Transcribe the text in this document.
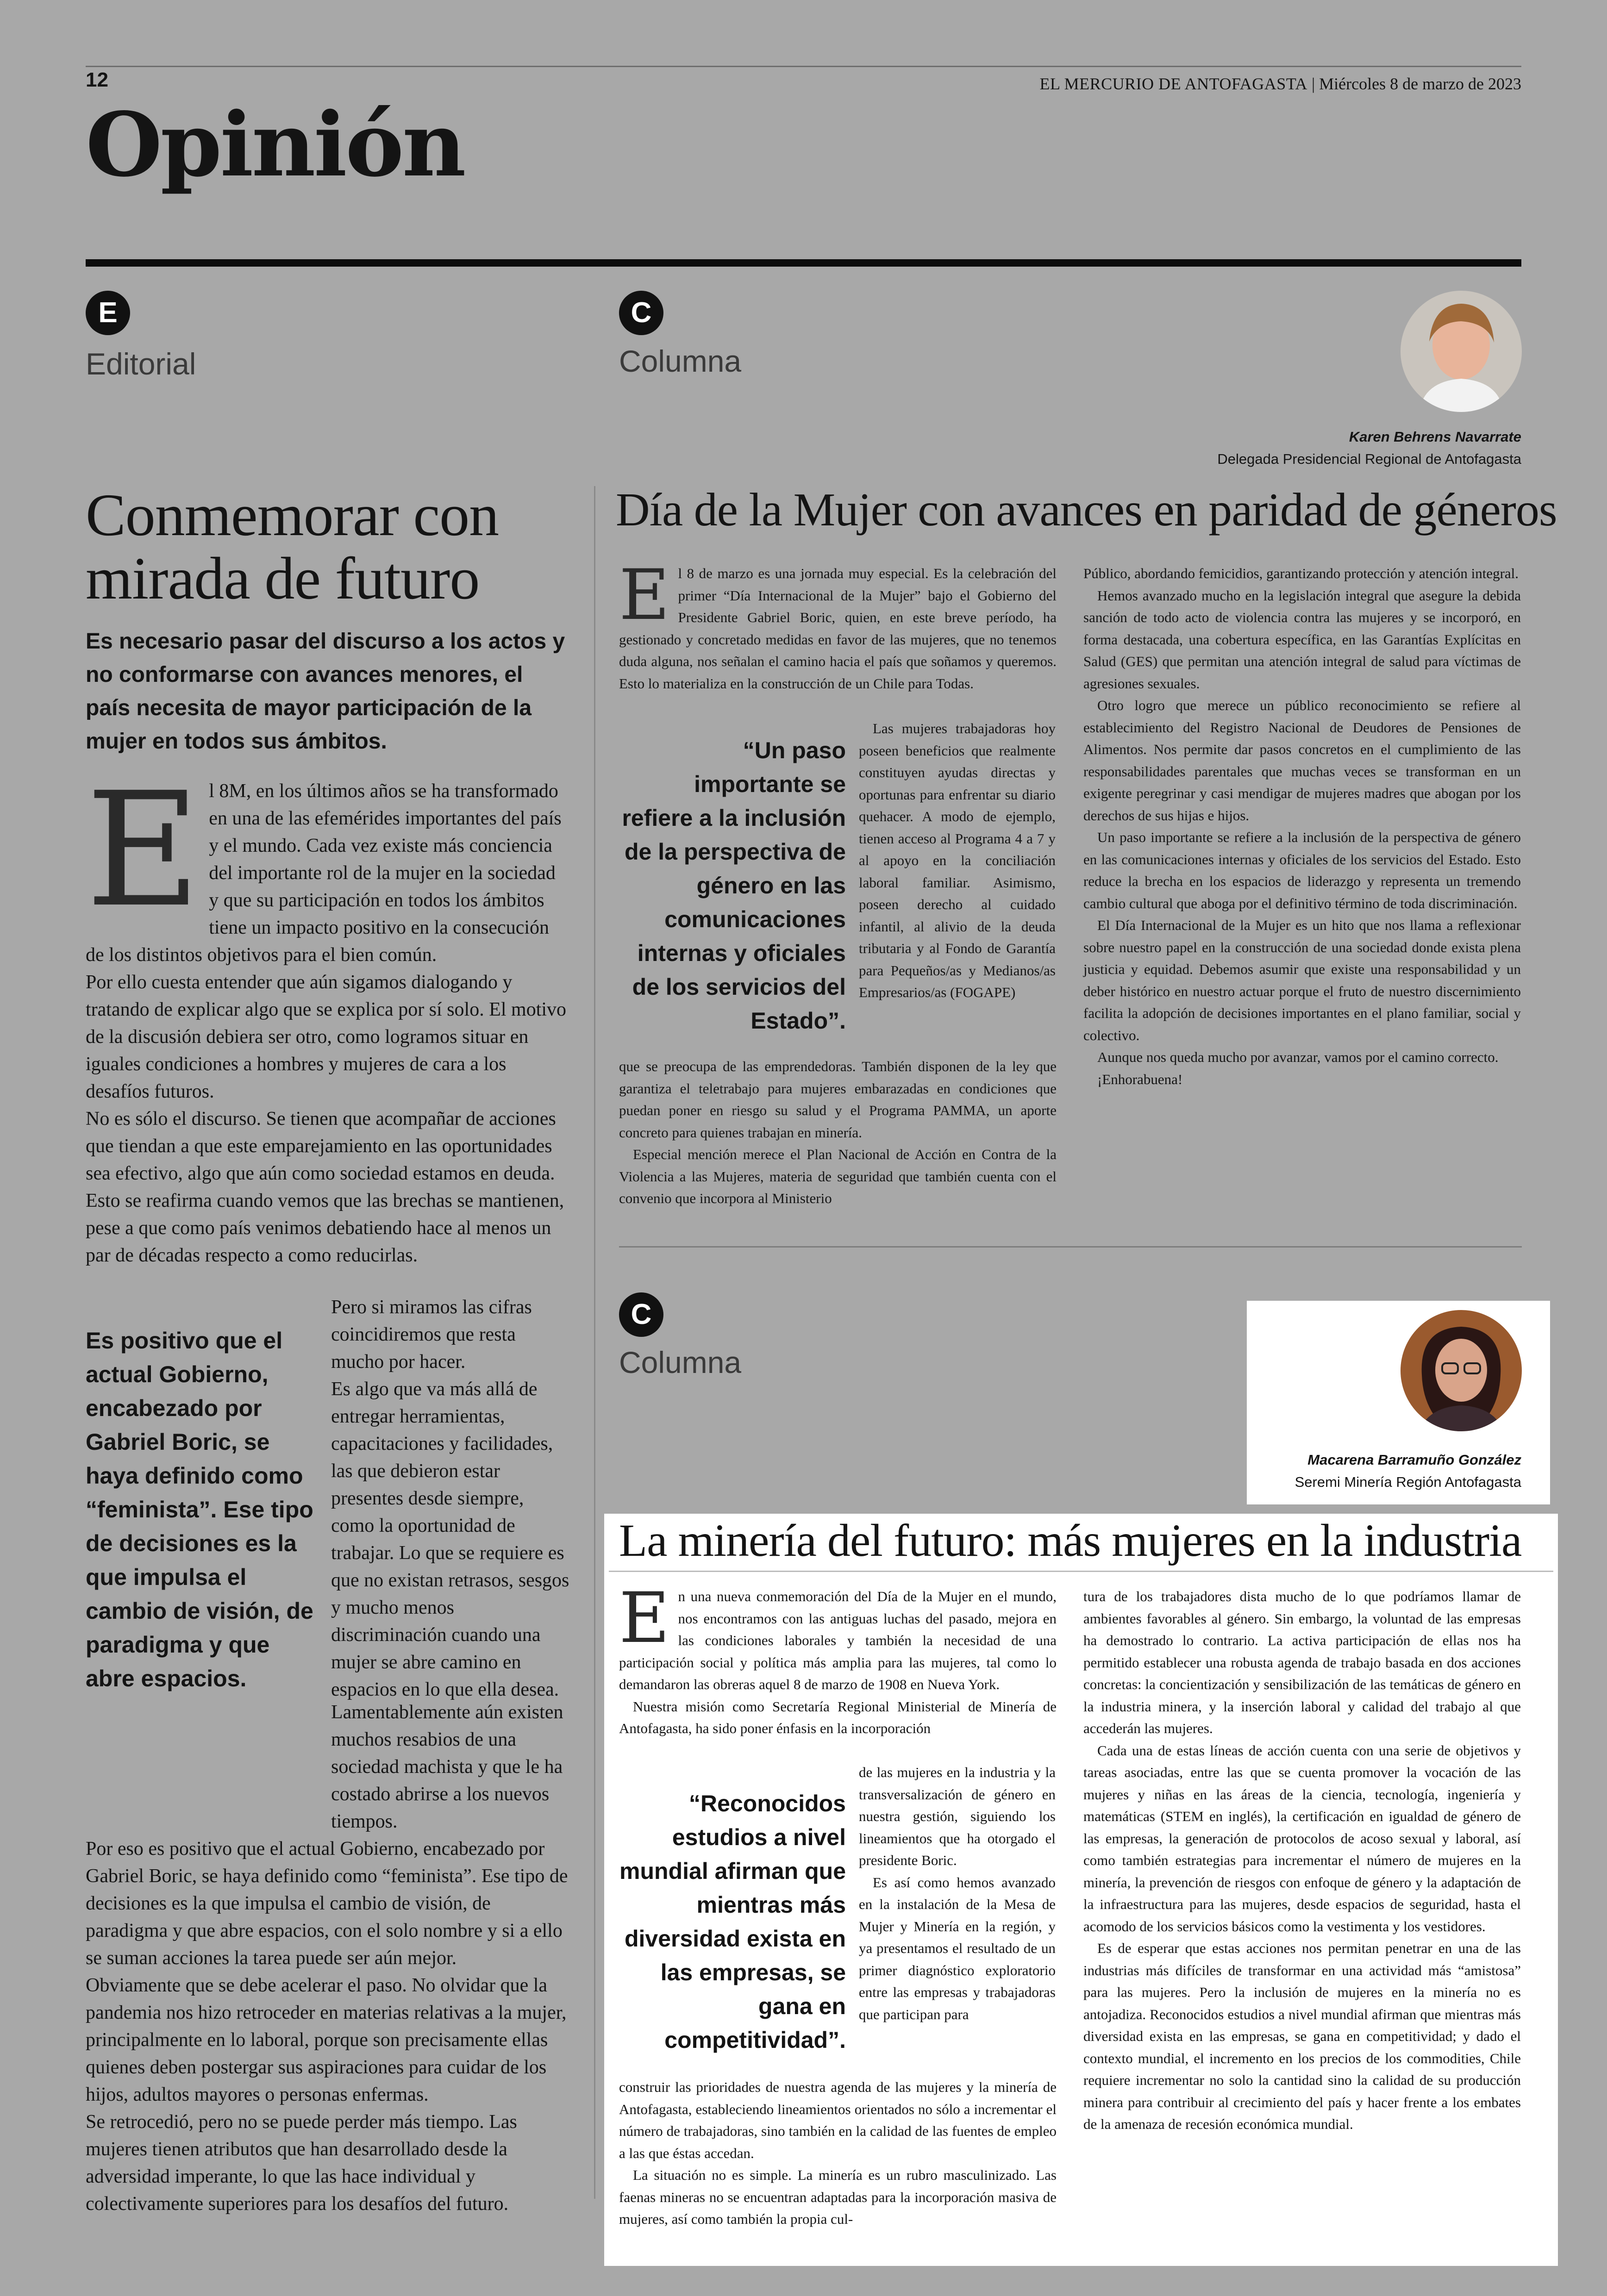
12	EL MERCURIO DE ANTOFAGASTA | Miércoles 8 de marzo de 2023
Opinión
E
Editorial
Conmemorar con
mirada de futuro
Es necesario pasar del discurso a los actos y no conformarse con avances menores, el país necesita de mayor participación de la mujer en todos sus ámbitos.

El 8M, en los últimos años se ha transformado en una de las efemérides importantes del país y el mundo. Cada vez existe más conciencia del importante rol de la mujer en la sociedad y que su participación en todos los ámbitos tiene un impacto positivo en la consecución de los distintos objetivos para el bien común.

Por ello cuesta entender que aún sigamos dialogando y tratando de explicar algo que se explica por sí solo. El motivo de la discusión debiera ser otro, como logramos situar en iguales condiciones a hombres y mujeres de cara a los desafíos futuros.

No es sólo el discurso. Se tienen que acompañar de acciones que tiendan a que este emparejamiento en las oportunidades sea efectivo, algo que aún como sociedad estamos en deuda.

Esto se reafirma cuando vemos que las brechas se mantienen, pese a que como país venimos debatiendo hace al menos un par de décadas respecto a como reducirlas.

Es positivo que el actual Gobierno, encabezado por Gabriel Boric, se haya definido como “feminista”. Ese tipo de decisiones es la que impulsa el cambio de visión, de paradigma y que abre espacios.

Pero si miramos las cifras coincidiremos que resta mucho por hacer.

Es algo que va más allá de entregar herramientas, capacitaciones y facilidades, las que debieron estar presentes desde siempre, como la oportunidad de trabajar. Lo que se requiere es que no existan retrasos, sesgos y mucho menos discriminación cuando una mujer se abre camino en espacios en lo que ella desea.

Lamentablemente aún existen muchos resabios de una sociedad machista y que le ha costado abrirse a los nuevos tiempos.

Por eso es positivo que el actual Gobierno, encabezado por Gabriel Boric, se haya definido como “feminista”. Ese tipo de decisiones es la que impulsa el cambio de visión, de paradigma y que abre espacios, con el solo nombre y si a ello se suman acciones la tarea puede ser aún mejor.

Obviamente que se debe acelerar el paso. No olvidar que la pandemia nos hizo retroceder en materias relativas a la mujer, principalmente en lo laboral, porque son precisamente ellas quienes deben postergar sus aspiraciones para cuidar de los hijos, adultos mayores o personas enfermas.

Se retrocedió, pero no se puede perder más tiempo. Las mujeres tienen atributos que han desarrollado desde la adversidad imperante, lo que las hace individual y colectivamente superiores para los desafíos del futuro.

C
Columna
Karen Behrens Navarrate
Delegada Presidencial Regional de Antofagasta
Día de la Mujer con avances en paridad de géneros

El 8 de marzo es una jornada muy especial. Es la celebración del primer “Día Internacional de la Mujer” bajo el Gobierno del Presidente Gabriel Boric, quien, en este breve período, ha gestionado y concretado medidas en favor de las mujeres, que no tenemos duda alguna, nos señalan el camino hacia el país que soñamos y queremos. Esto lo materializa en la construcción de un Chile para Todas.

“Un paso importante se refiere a la inclusión de la perspectiva de género en las comunicaciones internas y oficiales de los servicios del Estado”.

Las mujeres trabajadoras hoy poseen beneficios que realmente constituyen ayudas directas y oportunas para enfrentar su diario quehacer. A modo de ejemplo, tienen acceso al Programa 4 a 7 y al apoyo en la conciliación laboral familiar. Asimismo, poseen derecho al cuidado infantil, al alivio de la deuda tributaria y al Fondo de Garantía para Pequeños/as y Medianos/as Empresarios/as (FOGAPE)

que se preocupa de las emprendedoras. También disponen de la ley que garantiza el teletrabajo para mujeres embarazadas en condiciones que puedan poner en riesgo su salud y el Programa PAMMA, un aporte concreto para quienes trabajan en minería.

Especial mención merece el Plan Nacional de Acción en Contra de la Violencia a las Mujeres, materia de seguridad que también cuenta con el convenio que incorpora al Ministerio

Público, abordando femicidios, garantizando protección y atención integral.

Hemos avanzado mucho en la legislación integral que asegure la debida sanción de todo acto de violencia contra las mujeres y se incorporó, en forma destacada, una cobertura específica, en las Garantías Explícitas en Salud (GES) que permitan una atención integral de salud para víctimas de agresiones sexuales.

Otro logro que merece un público reconocimiento se refiere al establecimiento del Registro Nacional de Deudores de Pensiones de Alimentos. Nos permite dar pasos concretos en el cumplimiento de las responsabilidades parentales que muchas veces se transforman en un exigente peregrinar y casi mendigar de mujeres madres que abogan por los derechos de sus hijas e hijos.

Un paso importante se refiere a la inclusión de la perspectiva de género en las comunicaciones internas y oficiales de los servicios del Estado. Esto reduce la brecha en los espacios de liderazgo y representa un tremendo cambio cultural que aboga por el definitivo término de toda discriminación.

El Día Internacional de la Mujer es un hito que nos llama a reflexionar sobre nuestro papel en la construcción de una sociedad donde exista plena justicia y equidad. Debemos asumir que existe una responsabilidad y un deber histórico en nuestro actuar porque el fruto de nuestro discernimiento facilita la adopción de decisiones importantes en el plano familiar, social y colectivo.

Aunque nos queda mucho por avanzar, vamos por el camino correcto.

¡Enhorabuena!

C
Columna
Macarena Barramuño González
Seremi Minería Región Antofagasta
La minería del futuro: más mujeres en la industria

En una nueva conmemoración del Día de la Mujer en el mundo, nos encontramos con las antiguas luchas del pasado, mejora en las condiciones laborales y también la necesidad de una participación social y política más amplia para las mujeres, tal como lo demandaron las obreras aquel 8 de marzo de 1908 en Nueva York.

Nuestra misión como Secretaría Regional Ministerial de Minería de Antofagasta, ha sido poner énfasis en la incorporación

“Reconocidos estudios a nivel mundial afirman que mientras más diversidad exista en las empresas, se gana en competitividad”.

de las mujeres en la industria y la transversalización de género en nuestra gestión, siguiendo los lineamientos que ha otorgado el presidente Boric.

Es así como hemos avanzado en la instalación de la Mesa de Mujer y Minería en la región, y ya presentamos el resultado de un primer diagnóstico exploratorio entre las empresas y trabajadoras que participan para

construir las prioridades de nuestra agenda de las mujeres y la minería de Antofagasta, estableciendo lineamientos orientados no sólo a incrementar el número de trabajadoras, sino también en la calidad de las fuentes de empleo a las que éstas accedan.

La situación no es simple. La minería es un rubro masculinizado. Las faenas mineras no se encuentran adaptadas para la incorporación masiva de mujeres, así como también la propia cul-

tura de los trabajadores dista mucho de lo que podríamos llamar de ambientes favorables al género. Sin embargo, la voluntad de las empresas ha demostrado lo contrario. La activa participación de ellas nos ha permitido establecer una robusta agenda de trabajo basada en dos acciones concretas: la concientización y sensibilización de las temáticas de género en la industria minera, y la inserción laboral y calidad del trabajo al que accederán las mujeres.

Cada una de estas líneas de acción cuenta con una serie de objetivos y tareas asociadas, entre las que se cuenta promover la vocación de las mujeres y niñas en las áreas de la ciencia, tecnología, ingeniería y matemáticas (STEM en inglés), la certificación en igualdad de género de las empresas, la generación de protocolos de acoso sexual y laboral, así como también estrategias para incrementar el número de mujeres en la minería, la prevención de riesgos con enfoque de género y la adaptación de la infraestructura para las mujeres, desde espacios de seguridad, hasta el acomodo de los servicios básicos como la vestimenta y los vestidores.

Es de esperar que estas acciones nos permitan penetrar en una de las industrias más difíciles de transformar en una actividad más “amistosa” para las mujeres. Pero la inclusión de mujeres en la minería no es antojadiza. Reconocidos estudios a nivel mundial afirman que mientras más diversidad exista en las empresas, se gana en competitividad; y dado el contexto mundial, el incremento en los precios de los commodities, Chile requiere incrementar no solo la cantidad sino la calidad de su producción minera para contribuir al crecimiento del país y hacer frente a los embates de la amenaza de recesión económica mundial.
